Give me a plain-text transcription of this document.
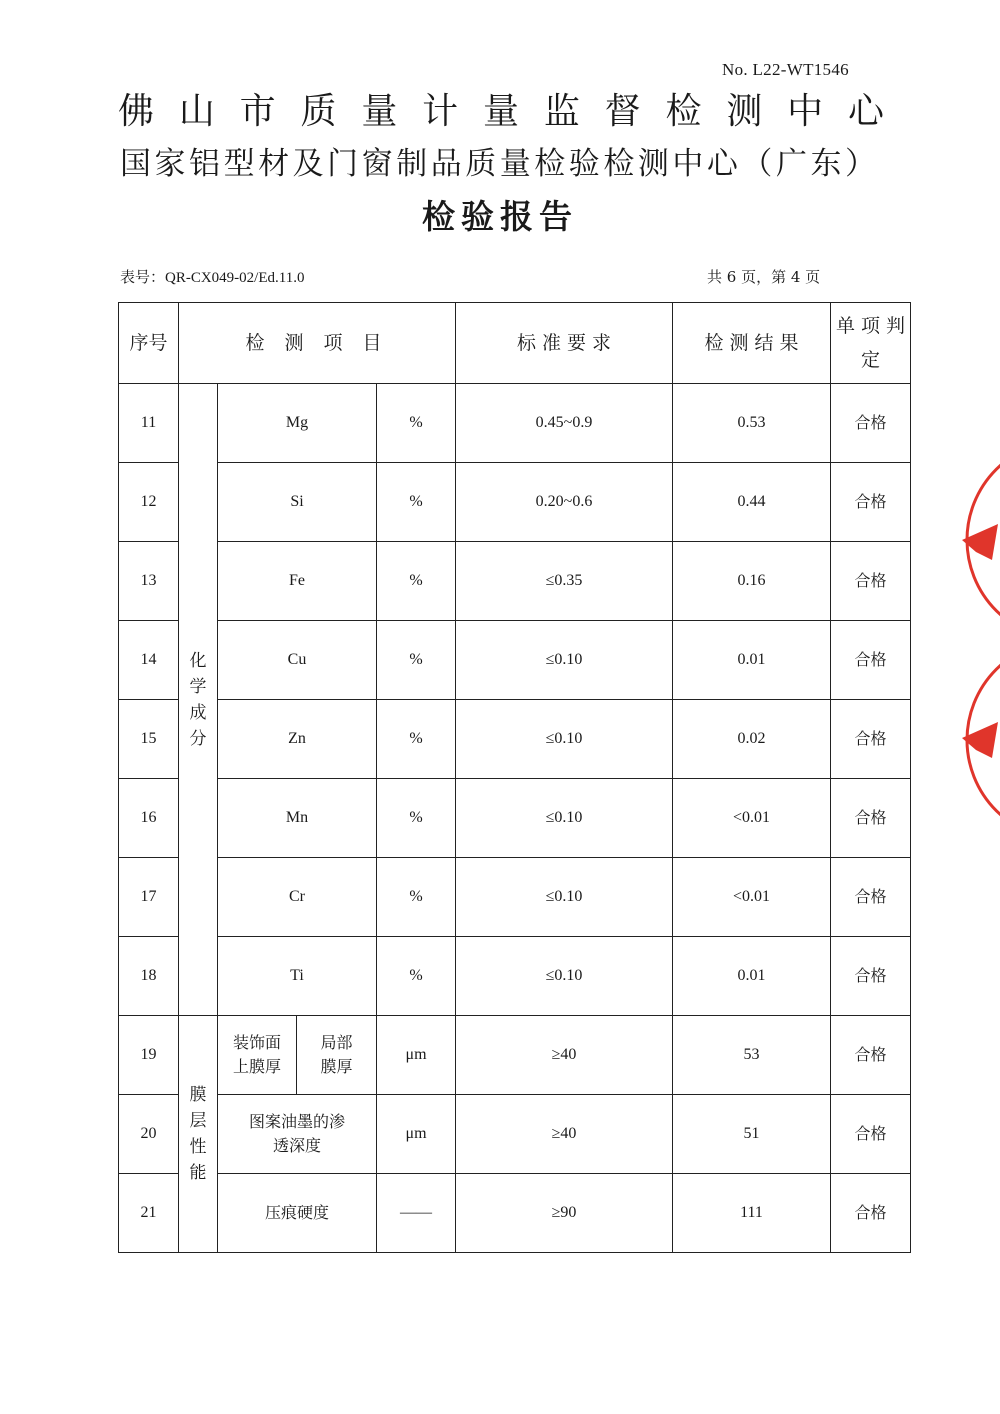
No. L22-WT1546
佛山市质量计量监督检测中心
国家铝型材及门窗制品质量检验检测中心（广东）
检验报告
表号：QR-CX049-02/Ed.11.0	共 6 页，第 4 页
序号	检 测 项 目				标 准 要 求	检 测 结 果	单 项 判 定
11	化学成分	Mg		%	0.45~0.9	0.53	合格
12		Si		%	0.20~0.6	0.44	合格
13		Fe		%	≤0.35	0.16	合格
14		Cu		%	≤0.10	0.01	合格
15		Zn		%	≤0.10	0.02	合格
16		Mn		%	≤0.10	<0.01	合格
17		Cr		%	≤0.10	<0.01	合格
18		Ti		%	≤0.10	0.01	合格
19	膜层性能	装饰面上膜厚	局部膜厚	μm	≥40	53	合格
20		图案油墨的渗透深度		μm	≥40	51	合格
21		压痕硬度		——	≥90	111	合格
